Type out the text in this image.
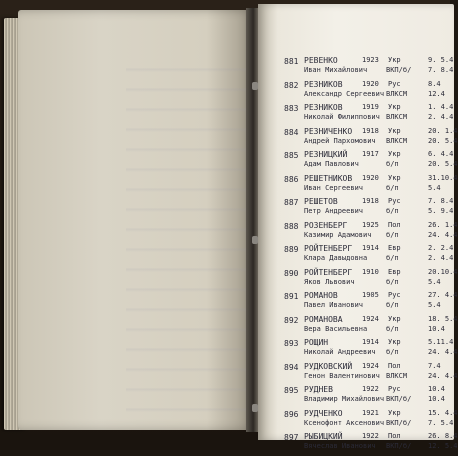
881 РЕВЕНКО
Иван Михайлович
1923 Укр
ВКП/б/
9. 5.4
7. 8.4
882 РЕЗНИКОВ
Александр Сергеевич
1920 Рус
ВЛКСМ
8.4
12.4
883 РЕЗНИКОВ
Николай Филиппович
1919 Укр
ВЛКСМ
1. 4.4
2. 4.4
884 РЕЗНИЧЕНКО
Андрей Пархомович
1918 Укр
ВЛКСМ
20. 1.4
20. 5.4
885 РЕЗНИЦКИЙ
Адам Павлович
1917 Укр
б/п
6. 4.4
20. 5.4
886 РЕШЕТНИКОВ
Иван Сергеевич
1920 Укр
б/п
31.10.4
5.4
887 РЕШЕТОВ
Петр Андреевич
1918 Рус
б/п
7. 8.4
5. 9.4
888 РОЗЕНБЕРГ
Казимир Адамович
1925 Пол
б/п
26. 1.4
24. 4.4
889 РОЙТЕНБЕРГ
Клара Давыдовна
1914 Евр
б/п
2. 2.4
2. 4.4
890 РОЙТЕНБЕРГ
Яков Львович
1910 Евр
б/п
20.10.4
5.4
891 РОМАНОВ
Павел Иванович
1905 Рус
б/п
27. 4.4
5.4
892 РОМАНОВА
Вера Васильевна
1924 Укр
б/п
18. 5.4
10.4
893 РОЩИН
Николай Андреевич
1914 Укр
б/п
5.11.4
24. 4.4
894 РУДКОВСКИЙ
Генон Валентинович
1924 Пол
ВЛКСМ
7.4
24. 4.4
895 РУДНЕВ
Владимир Михайлович
1922 Рус
ВКП/б/
10.4
10.4
896 РУДЧЕНКО
Ксенофонт Аксенович
1921 Укр
ВКП/б/
15. 4.4
7. 5.4
897 РЫБИЦКИЙ
Вячеслав Иванович
1922 Пол
ВКП/б/
26. 8.4
12. 5.4
